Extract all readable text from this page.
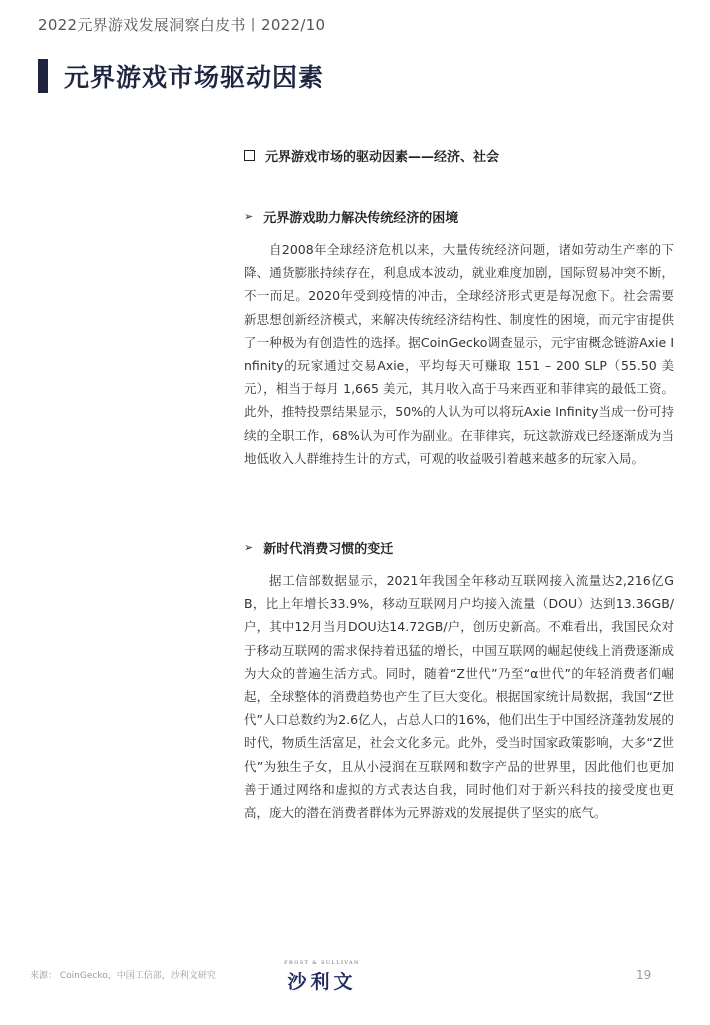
2022元界游戏发展洞察白皮书丨2022/10
元界游戏市场驱动因素
元界游戏市场的驱动因素——经济、社会
➢ 元界游戏助力解决传统经济的困境

自2008年全球经济危机以来，大量传统经济问题，诸如劳动生产率的下降、通货膨胀持续存在，利息成本波动，就业难度加剧，国际贸易冲突不断，不一而足。2020年受到疫情的冲击，全球经济形式更是每况愈下。社会需要新思想创新经济模式，来解决传统经济结构性、制度性的困境，而元宇宙提供了一种极为有创造性的选择。据CoinGecko调查显示，元宇宙概念链游Axie Infinity的玩家通过交易Axie，平均每天可赚取 151 – 200 SLP（55.50 美元），相当于每月 1,665 美元，其月收入高于马来西亚和菲律宾的最低工资。此外，推特投票结果显示，50%的人认为可以将玩Axie Infinity当成一份可持续的全职工作，68%认为可作为副业。在菲律宾，玩这款游戏已经逐渐成为当地低收入人群维持生计的方式，可观的收益吸引着越来越多的玩家入局。

➢ 新时代消费习惯的变迁

据工信部数据显示，2021年我国全年移动互联网接入流量达2,216亿GB，比上年增长33.9%，移动互联网月户均接入流量（DOU）达到13.36GB/户，其中12月当月DOU达14.72GB/户，创历史新高。不难看出，我国民众对于移动互联网的需求保持着迅猛的增长，中国互联网的崛起使线上消费逐渐成为大众的普遍生活方式。同时，随着“Z世代”乃至“α世代”的年轻消费者们崛起，全球整体的消费趋势也产生了巨大变化。根据国家统计局数据，我国“Z世代”人口总数约为2.6亿人，占总人口的16%，他们出生于中国经济蓬勃发展的时代，物质生活富足，社会文化多元。此外，受当时国家政策影响，大多“Z世代”为独生子女，且从小浸润在互联网和数字产品的世界里，因此他们也更加善于通过网络和虚拟的方式表达自我，同时他们对于新兴科技的接受度也更高，庞大的潜在消费者群体为元界游戏的发展提供了坚实的底气。

来源： CoinGecko，中国工信部，沙利文研究
FROST & SULLIVAN
沙利文	19
